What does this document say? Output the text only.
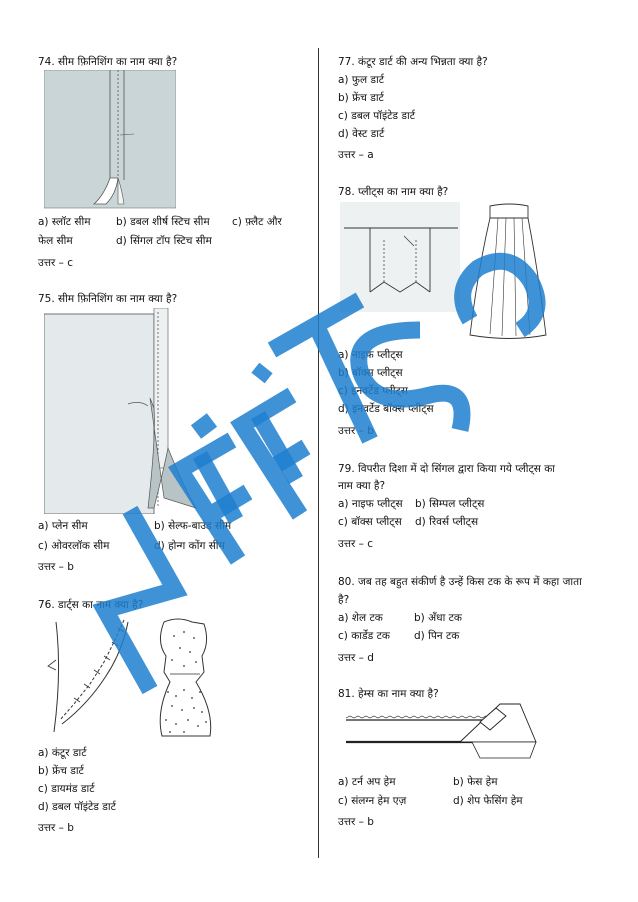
74. सीम फ़िनिशिंग का नाम क्या है?
a) स्लॉट सीम b) डबल शीर्ष स्टिच सीम c) फ़्लैट और
फेल सीम	d) सिंगल टॉप स्टिच सीम
उत्तर – c
75. सीम फ़िनिशिंग का नाम क्या है?
a) प्लेन सीम	b) सेल्फ-बाउंड सीम
c) ओवरलॉक सीम	d) होन्ग कोंग सीम
उत्तर – b
76. डार्ट्स का नाम क्या है?
a) कंटूर डार्ट
b) फ्रेंच डार्ट
c) डायमंड डार्ट
d) डबल पॉइंटेड डार्ट
उत्तर – b
77. कंटूर डार्ट की अन्य भिन्नता क्या है?
a) फुल डार्ट
b) फ्रेंच डार्ट
c) डबल पॉइंटेड डार्ट
d) वेस्ट डार्ट
उत्तर – a
78. प्लीट्स का नाम क्या है?
a) नाइफ प्लीट्स
b) बॉक्स प्लीट्स
c) इनवर्टेड प्लीट्स
d) इनवर्टेड बॉक्स प्लीट्स
उत्तर – b
79. विपरीत दिशा में दो सिंगल द्वारा किया गये प्लीट्स का
नाम क्या है?
a) नाइफ प्लीट्स b) सिम्पल प्लीट्स
c) बॉक्स प्लीट्स d) रिवर्स प्लीट्स
उत्तर – c
80. जब तह बहुत संकीर्ण है उन्हें किस टक के रूप में कहा जाता
है?
a) शेल टक	b) अँधा टक
c) कार्डेड टक d) पिन टक
उत्तर – d
81. हेम्स का नाम क्या है?
a) टर्न अप हेम	b) फेस हेम
c) संलग्न हेम एज़	d) शेप फेसिंग हेम
उत्तर – b
